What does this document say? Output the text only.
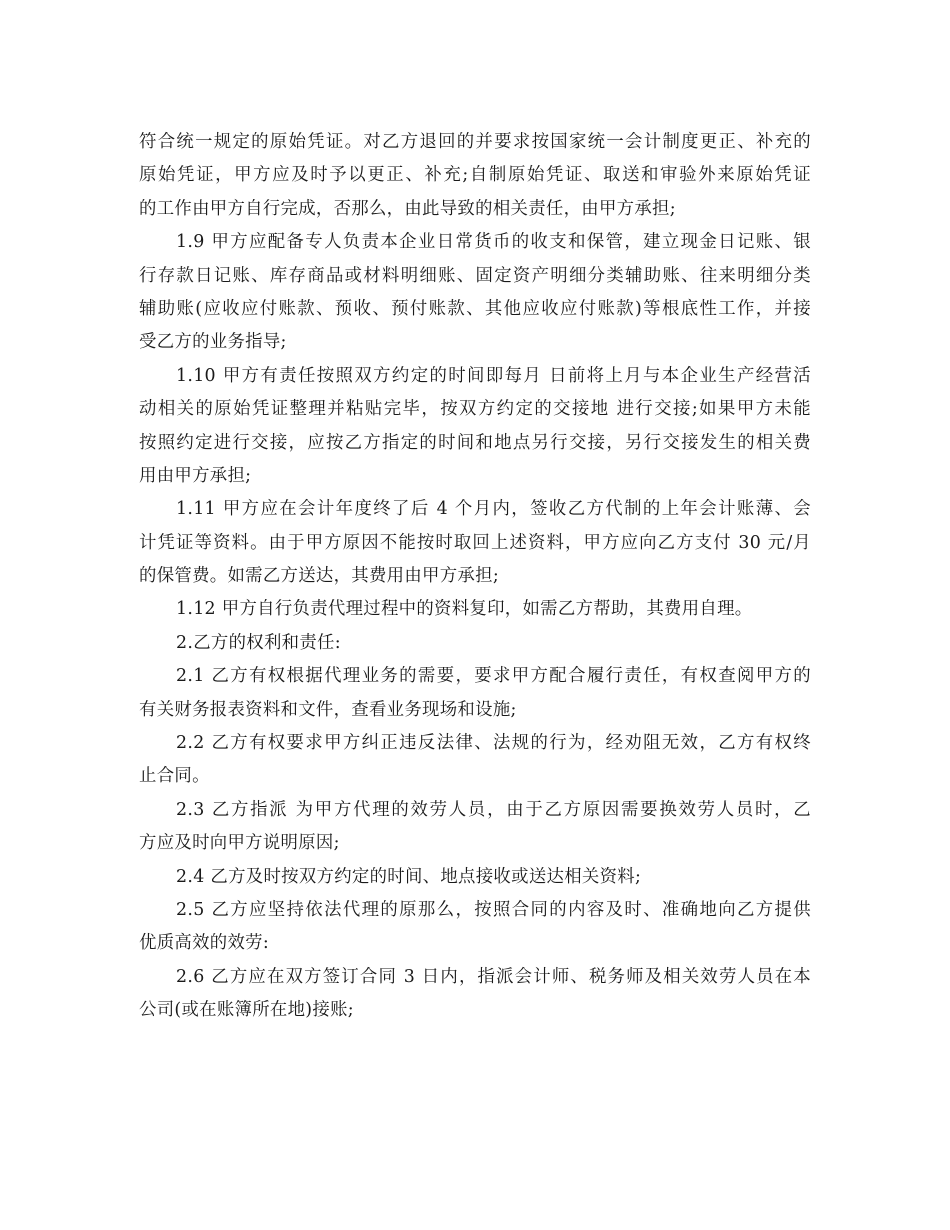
符合统一规定的原始凭证。对乙方退回的并要求按国家统一会计制度更正、补充的
原始凭证，甲方应及时予以更正、补充;自制原始凭证、取送和审验外来原始凭证
的工作由甲方自行完成，否那么，由此导致的相关责任，由甲方承担;
1.9 甲方应配备专人负责本企业日常货币的收支和保管，建立现金日记账、银
行存款日记账、库存商品或材料明细账、固定资产明细分类辅助账、往来明细分类
辅助账(应收应付账款、预收、预付账款、其他应收应付账款)等根底性工作，并接
受乙方的业务指导;
1.10 甲方有责任按照双方约定的时间即每月 日前将上月与本企业生产经营活
动相关的原始凭证整理并粘贴完毕，按双方约定的交接地 进行交接;如果甲方未能
按照约定进行交接，应按乙方指定的时间和地点另行交接，另行交接发生的相关费
用由甲方承担;
1.11 甲方应在会计年度终了后 4 个月内，签收乙方代制的上年会计账薄、会
计凭证等资料。由于甲方原因不能按时取回上述资料，甲方应向乙方支付 30 元/月
的保管费。如需乙方送达，其费用由甲方承担;
1.12 甲方自行负责代理过程中的资料复印，如需乙方帮助，其费用自理。
2.乙方的权利和责任:
2.1 乙方有权根据代理业务的需要，要求甲方配合履行责任，有权查阅甲方的
有关财务报表资料和文件，查看业务现场和设施;
2.2 乙方有权要求甲方纠正违反法律、法规的行为，经劝阻无效，乙方有权终
止合同。
2.3 乙方指派 为甲方代理的效劳人员，由于乙方原因需要换效劳人员时，乙
方应及时向甲方说明原因;
2.4 乙方及时按双方约定的时间、地点接收或送达相关资料;
2.5 乙方应坚持依法代理的原那么，按照合同的内容及时、准确地向乙方提供
优质高效的效劳:
2.6 乙方应在双方签订合同 3 日内，指派会计师、税务师及相关效劳人员在本
公司(或在账簿所在地)接账;
